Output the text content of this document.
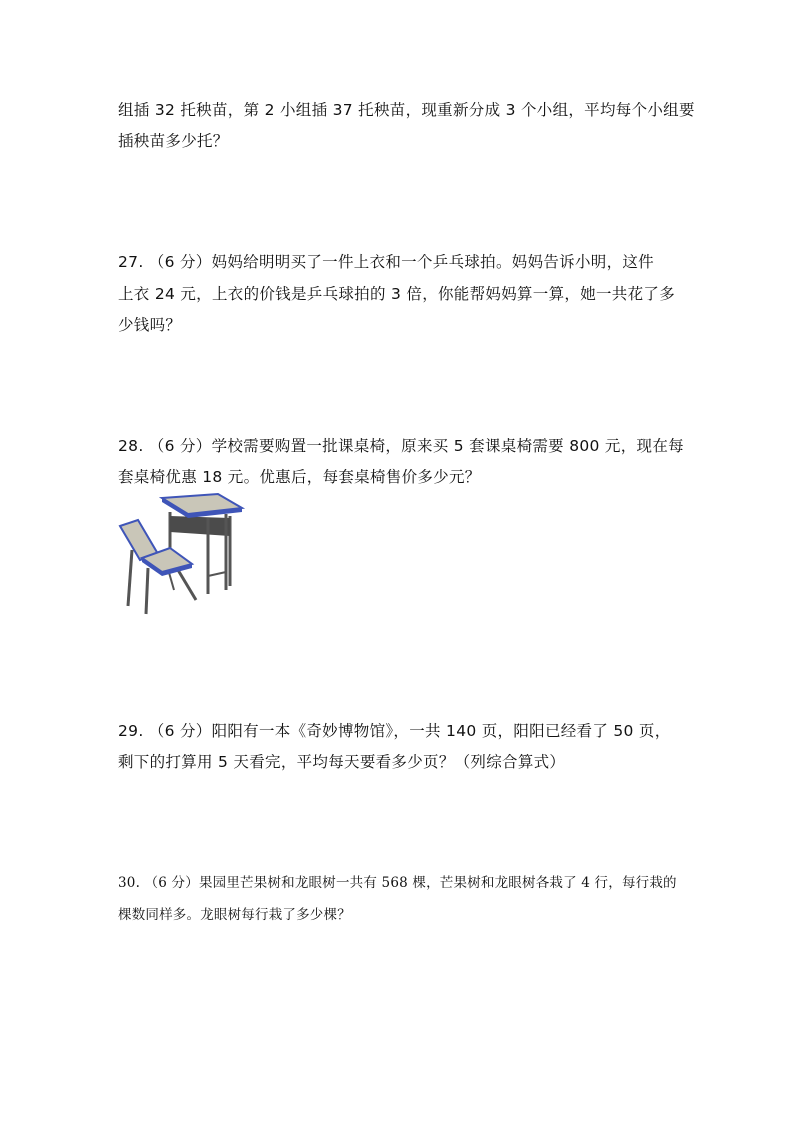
组插 32 托秧苗，第 2 小组插 37 托秧苗，现重新分成 3 个小组，平均每个小组要
插秧苗多少托？
27. （6 分）妈妈给明明买了一件上衣和一个乒乓球拍。妈妈告诉小明，这件
上衣 24 元，上衣的价钱是乒乓球拍的 3 倍，你能帮妈妈算一算，她一共花了多
少钱吗？
28. （6 分）学校需要购置一批课桌椅，原来买 5 套课桌椅需要 800 元，现在每
套桌椅优惠 18 元。优惠后，每套桌椅售价多少元？
29. （6 分）阳阳有一本《奇妙博物馆》，一共 140 页，阳阳已经看了 50 页，
剩下的打算用 5 天看完，平均每天要看多少页？（列综合算式）
30. （6 分）果园里芒果树和龙眼树一共有 568 棵，芒果树和龙眼树各栽了 4 行，每行栽的
棵数同样多。龙眼树每行栽了多少棵？
